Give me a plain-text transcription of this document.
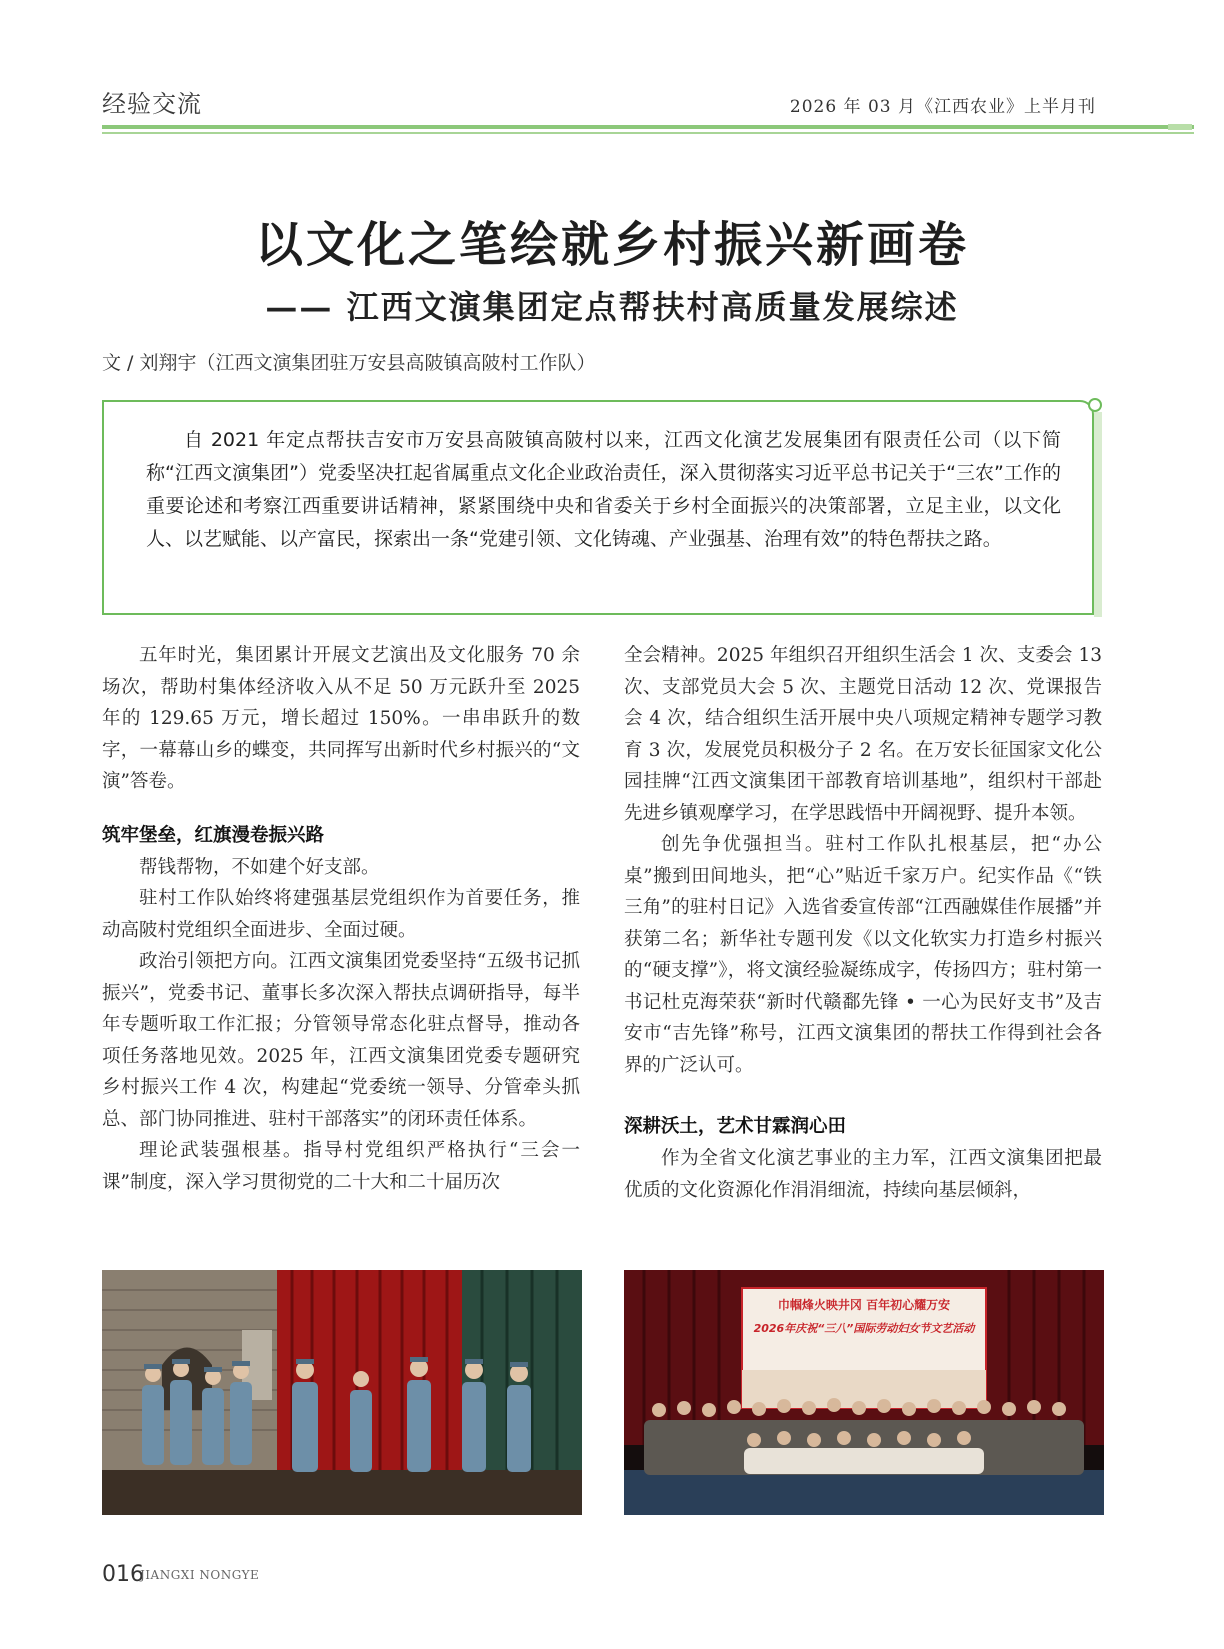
经验交流	2026 年 03 月《江西农业》上半月刊
以文化之笔绘就乡村振兴新画卷
—— 江西文演集团定点帮扶村高质量发展综述
文 / 刘翔宇（江西文演集团驻万安县高陂镇高陂村工作队）
自 2021 年定点帮扶吉安市万安县高陂镇高陂村以来，江西文化演艺发展集团有限责任公司（以下简称“江西文演集团”）党委坚决扛起省属重点文化企业政治责任，深入贯彻落实习近平总书记关于“三农”工作的重要论述和考察江西重要讲话精神，紧紧围绕中央和省委关于乡村全面振兴的决策部署，立足主业，以文化人、以艺赋能、以产富民，探索出一条“党建引领、文化铸魂、产业强基、治理有效”的特色帮扶之路。

五年时光，集团累计开展文艺演出及文化服务 70 余场次，帮助村集体经济收入从不足 50 万元跃升至 2025 年的 129.65 万元，增长超过 150%。一串串跃升的数字，一幕幕山乡的蝶变，共同挥写出新时代乡村振兴的“文演”答卷。

筑牢堡垒，红旗漫卷振兴路

帮钱帮物，不如建个好支部。

驻村工作队始终将建强基层党组织作为首要任务，推动高陂村党组织全面进步、全面过硬。

政治引领把方向。江西文演集团党委坚持“五级书记抓振兴”，党委书记、董事长多次深入帮扶点调研指导，每半年专题听取工作汇报；分管领导常态化驻点督导，推动各项任务落地见效。2025 年，江西文演集团党委专题研究乡村振兴工作 4 次，构建起“党委统一领导、分管牵头抓总、部门协同推进、驻村干部落实”的闭环责任体系。

理论武装强根基。指导村党组织严格执行“三会一课”制度，深入学习贯彻党的二十大和二十届历次

全会精神。2025 年组织召开组织生活会 1 次、支委会 13 次、支部党员大会 5 次、主题党日活动 12 次、党课报告会 4 次，结合组织生活开展中央八项规定精神专题学习教育 3 次，发展党员积极分子 2 名。在万安长征国家文化公园挂牌“江西文演集团干部教育培训基地”，组织村干部赴先进乡镇观摩学习，在学思践悟中开阔视野、提升本领。

创先争优强担当。驻村工作队扎根基层，把“办公桌”搬到田间地头，把“心”贴近千家万户。纪实作品《“铁三角”的驻村日记》入选省委宣传部“江西融媒佳作展播”并获第二名；新华社专题刊发《以文化软实力打造乡村振兴的“硬支撑”》，将文演经验凝练成字，传扬四方；驻村第一书记杜克海荣获“新时代赣鄱先锋 • 一心为民好支书”及吉安市“吉先锋”称号，江西文演集团的帮扶工作得到社会各界的广泛认可。

深耕沃土，艺术甘霖润心田

作为全省文化演艺事业的主力军，江西文演集团把最优质的文化资源化作涓涓细流，持续向基层倾斜，

巾帼烽火映井冈 百年初心耀万安
2026年庆祝“三八”国际劳动妇女节文艺活动
016
JIANGXI NONGYE
